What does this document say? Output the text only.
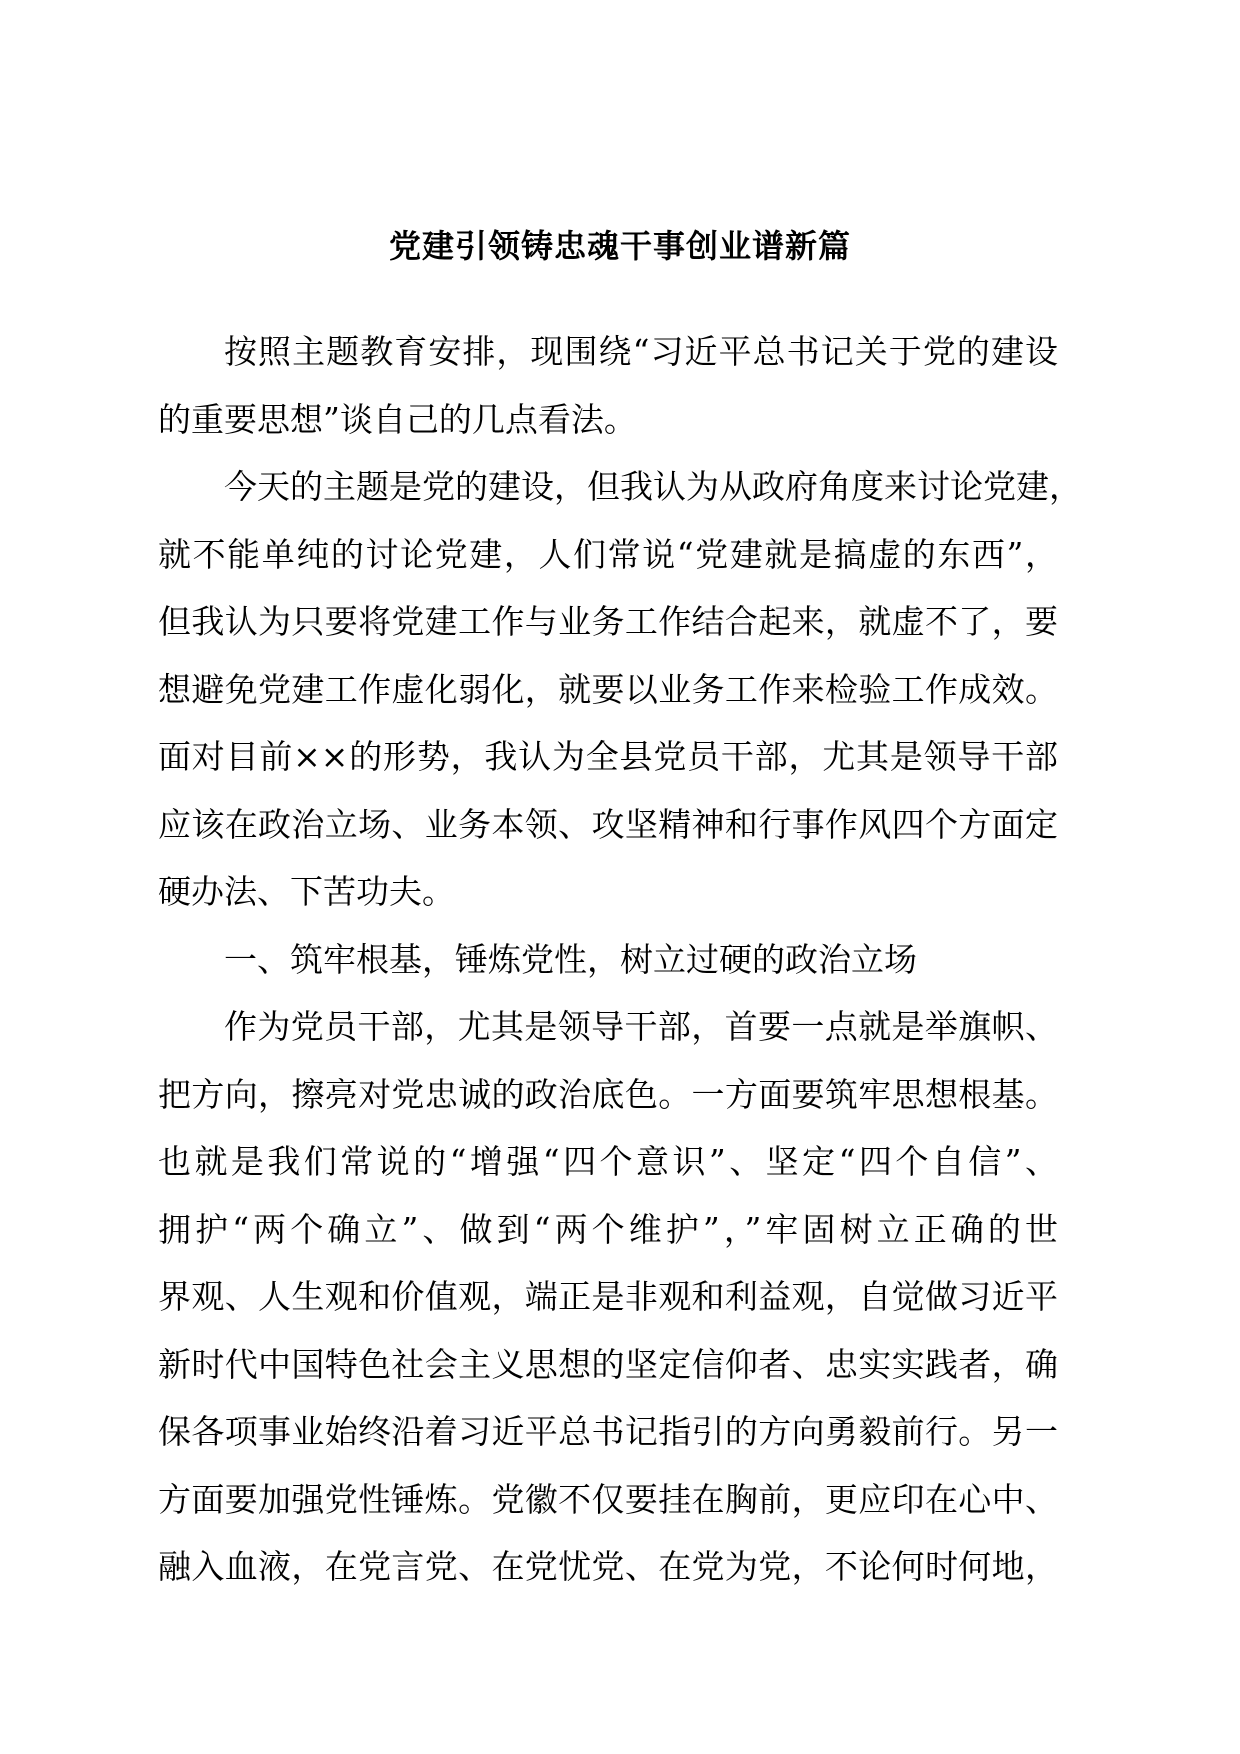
党建引领铸忠魂干事创业谱新篇
按照主题教育安排，现围绕“习近平总书记关于党的建设
的重要思想”谈自己的几点看法。
今天的主题是党的建设，但我认为从政府角度来讨论党建，
就不能单纯的讨论党建，人们常说“党建就是搞虚的东西”，
但我认为只要将党建工作与业务工作结合起来，就虚不了，要
想避免党建工作虚化弱化，就要以业务工作来检验工作成效。
面对目前××的形势，我认为全县党员干部，尤其是领导干部
应该在政治立场、业务本领、攻坚精神和行事作风四个方面定
硬办法、下苦功夫。
一、筑牢根基，锤炼党性，树立过硬的政治立场
作为党员干部，尤其是领导干部，首要一点就是举旗帜、
把方向，擦亮对党忠诚的政治底色。一方面要筑牢思想根基。
也就是我们常说的“增强“四个意识”、坚定“四个自信”、
拥护“两个确立”、做到“两个维护”，”牢固树立正确的世
界观、人生观和价值观，端正是非观和利益观，自觉做习近平
新时代中国特色社会主义思想的坚定信仰者、忠实实践者，确
保各项事业始终沿着习近平总书记指引的方向勇毅前行。另一
方面要加强党性锤炼。党徽不仅要挂在胸前，更应印在心中、
融入血液，在党言党、在党忧党、在党为党，不论何时何地，
